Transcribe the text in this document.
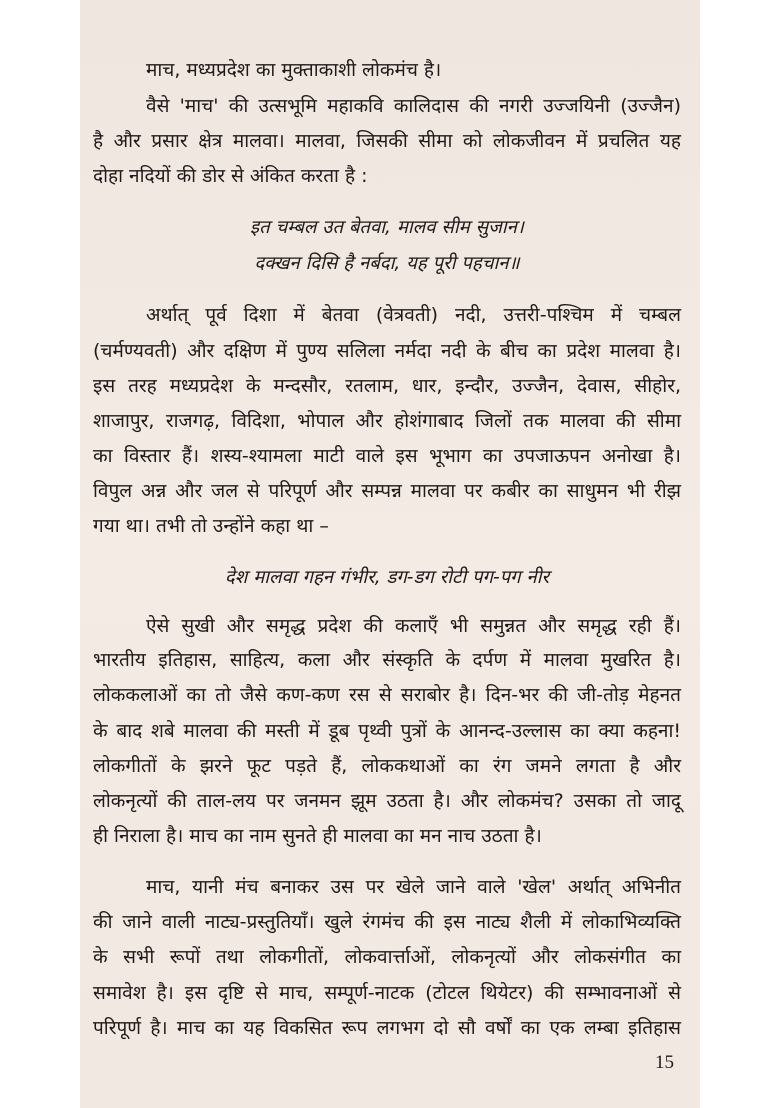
माच, मध्यप्रदेश का मुक्ताकाशी लोकमंच है।
वैसे 'माच' की उत्सभूमि महाकवि कालिदास की नगरी उज्जयिनी (उज्जैन)
है और प्रसार क्षेत्र मालवा। मालवा, जिसकी सीमा को लोकजीवन में प्रचलित यह
दोहा नदियों की डोर से अंकित करता है :
इत चम्बल उत बेतवा, मालव सीम सुजान।
दक्खन दिसि है नर्बदा, यह पूरी पहचान॥
अर्थात् पूर्व दिशा में बेतवा (वेत्रवती) नदी, उत्तरी-पश्चिम में चम्बल
(चर्मण्यवती) और दक्षिण में पुण्य सलिला नर्मदा नदी के बीच का प्रदेश मालवा है।
इस तरह मध्यप्रदेश के मन्दसौर, रतलाम, धार, इन्दौर, उज्जैन, देवास, सीहोर,
शाजापुर, राजगढ़, विदिशा, भोपाल और होशंगाबाद जिलों तक मालवा की सीमा
का विस्तार हैं। शस्य-श्यामला माटी वाले इस भूभाग का उपजाऊपन अनोखा है।
विपुल अन्न और जल से परिपूर्ण और सम्पन्न मालवा पर कबीर का साधुमन भी रीझ
गया था। तभी तो उन्होंने कहा था –
देश मालवा गहन गंभीर, डग-डग रोटी पग-पग नीर
ऐसे सुखी और समृद्ध प्रदेश की कलाएँ भी समुन्नत और समृद्ध रही हैं।
भारतीय इतिहास, साहित्य, कला और संस्कृति के दर्पण में मालवा मुखरित है।
लोककलाओं का तो जैसे कण-कण रस से सराबोर है। दिन-भर की जी-तोड़ मेहनत
के बाद शबे मालवा की मस्ती में डूब पृथ्वी पुत्रों के आनन्द-उल्लास का क्या कहना!
लोकगीतों के झरने फूट पड़ते हैं, लोककथाओं का रंग जमने लगता है और
लोकनृत्यों की ताल-लय पर जनमन झूम उठता है। और लोकमंच? उसका तो जादू
ही निराला है। माच का नाम सुनते ही मालवा का मन नाच उठता है।
माच, यानी मंच बनाकर उस पर खेले जाने वाले 'खेल' अर्थात् अभिनीत
की जाने वाली नाट्य-प्रस्तुतियाँ। खुले रंगमंच की इस नाट्य शैली में लोकाभिव्यक्ति
के सभी रूपों तथा लोकगीतों, लोकवार्त्ताओं, लोकनृत्यों और लोकसंगीत का
समावेश है। इस दृष्टि से माच, सम्पूर्ण-नाटक (टोटल थियेटर) की सम्भावनाओं से
परिपूर्ण है। माच का यह विकसित रूप लगभग दो सौ वर्षों का एक लम्बा इतिहास
15
